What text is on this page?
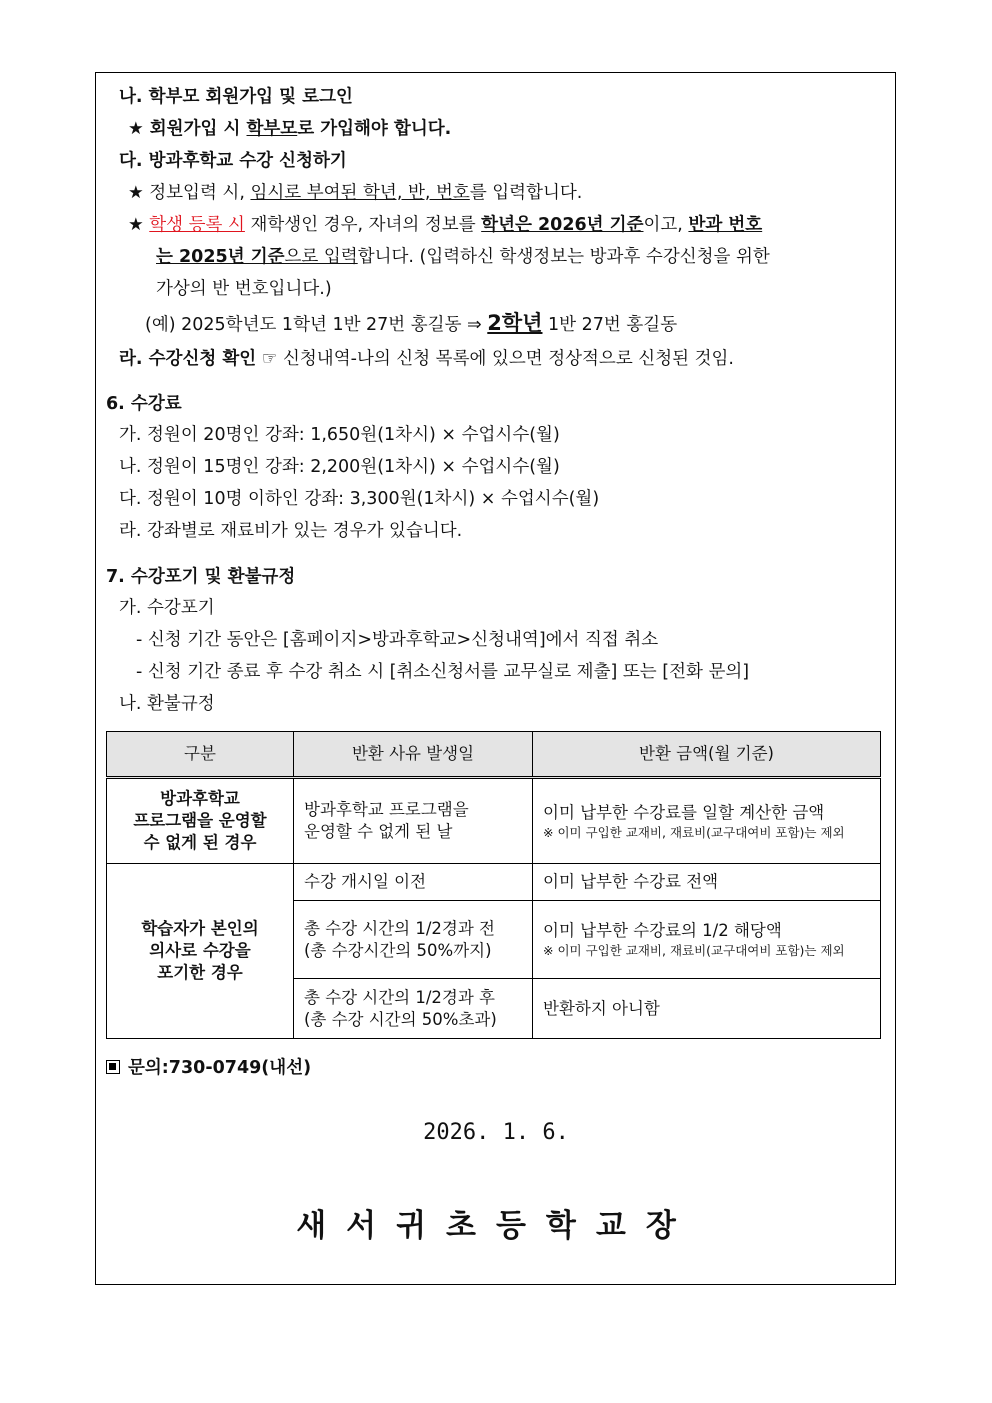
나. 학부모 회원가입 및 로그인
★ 회원가입 시 학부모로 가입해야 합니다.
다. 방과후학교 수강 신청하기
★ 정보입력 시, 임시로 부여된 학년, 반, 번호를 입력합니다.
★ 학생 등록 시 재학생인 경우, 자녀의 정보를 학년은 2026년 기준이고, 반과 번호
는 2025년 기준으로 입력합니다. (입력하신 학생정보는 방과후 수강신청을 위한
가상의 반 번호입니다.)
(예) 2025학년도 1학년 1반 27번 홍길동 ⇒ 2학년 1반 27번 홍길동
라. 수강신청 확인 ☞ 신청내역-나의 신청 목록에 있으면 정상적으로 신청된 것임.
6. 수강료
가. 정원이 20명인 강좌: 1,650원(1차시) × 수업시수(월)
나. 정원이 15명인 강좌: 2,200원(1차시) × 수업시수(월)
다. 정원이 10명 이하인 강좌: 3,300원(1차시) × 수업시수(월)
라. 강좌별로 재료비가 있는 경우가 있습니다.
7. 수강포기 및 환불규정
가. 수강포기
- 신청 기간 동안은 [홈페이지>방과후학교>신청내역]에서 직접 취소
- 신청 기간 종료 후 수강 취소 시 [취소신청서를 교무실로 제출] 또는 [전화 문의]
나. 환불규정
구분	반환 사유 발생일	반환 금액(월 기준)
방과후학교
프로그램을 운영할
수 없게 된 경우	방과후학교 프로그램을
운영할 수 없게 된 날	이미 납부한 수강료를 일할 계산한 금액
※ 이미 구입한 교재비, 재료비(교구대여비 포함)는 제외

학습자가 본인의
의사로 수강을
포기한 경우	수강 개시일 이전	이미 납부한 수강료 전액
	총 수강 시간의 1/2경과 전
(총 수강시간의 50%까지)	이미 납부한 수강료의 1/2 해당액
※ 이미 구입한 교재비, 재료비(교구대여비 포함)는 제외

	총 수강 시간의 1/2경과 후
(총 수강 시간의 50%초과)	반환하지 아니함
문의:730-0749(내선)
2026. 1. 6.
새서귀초등학교장
